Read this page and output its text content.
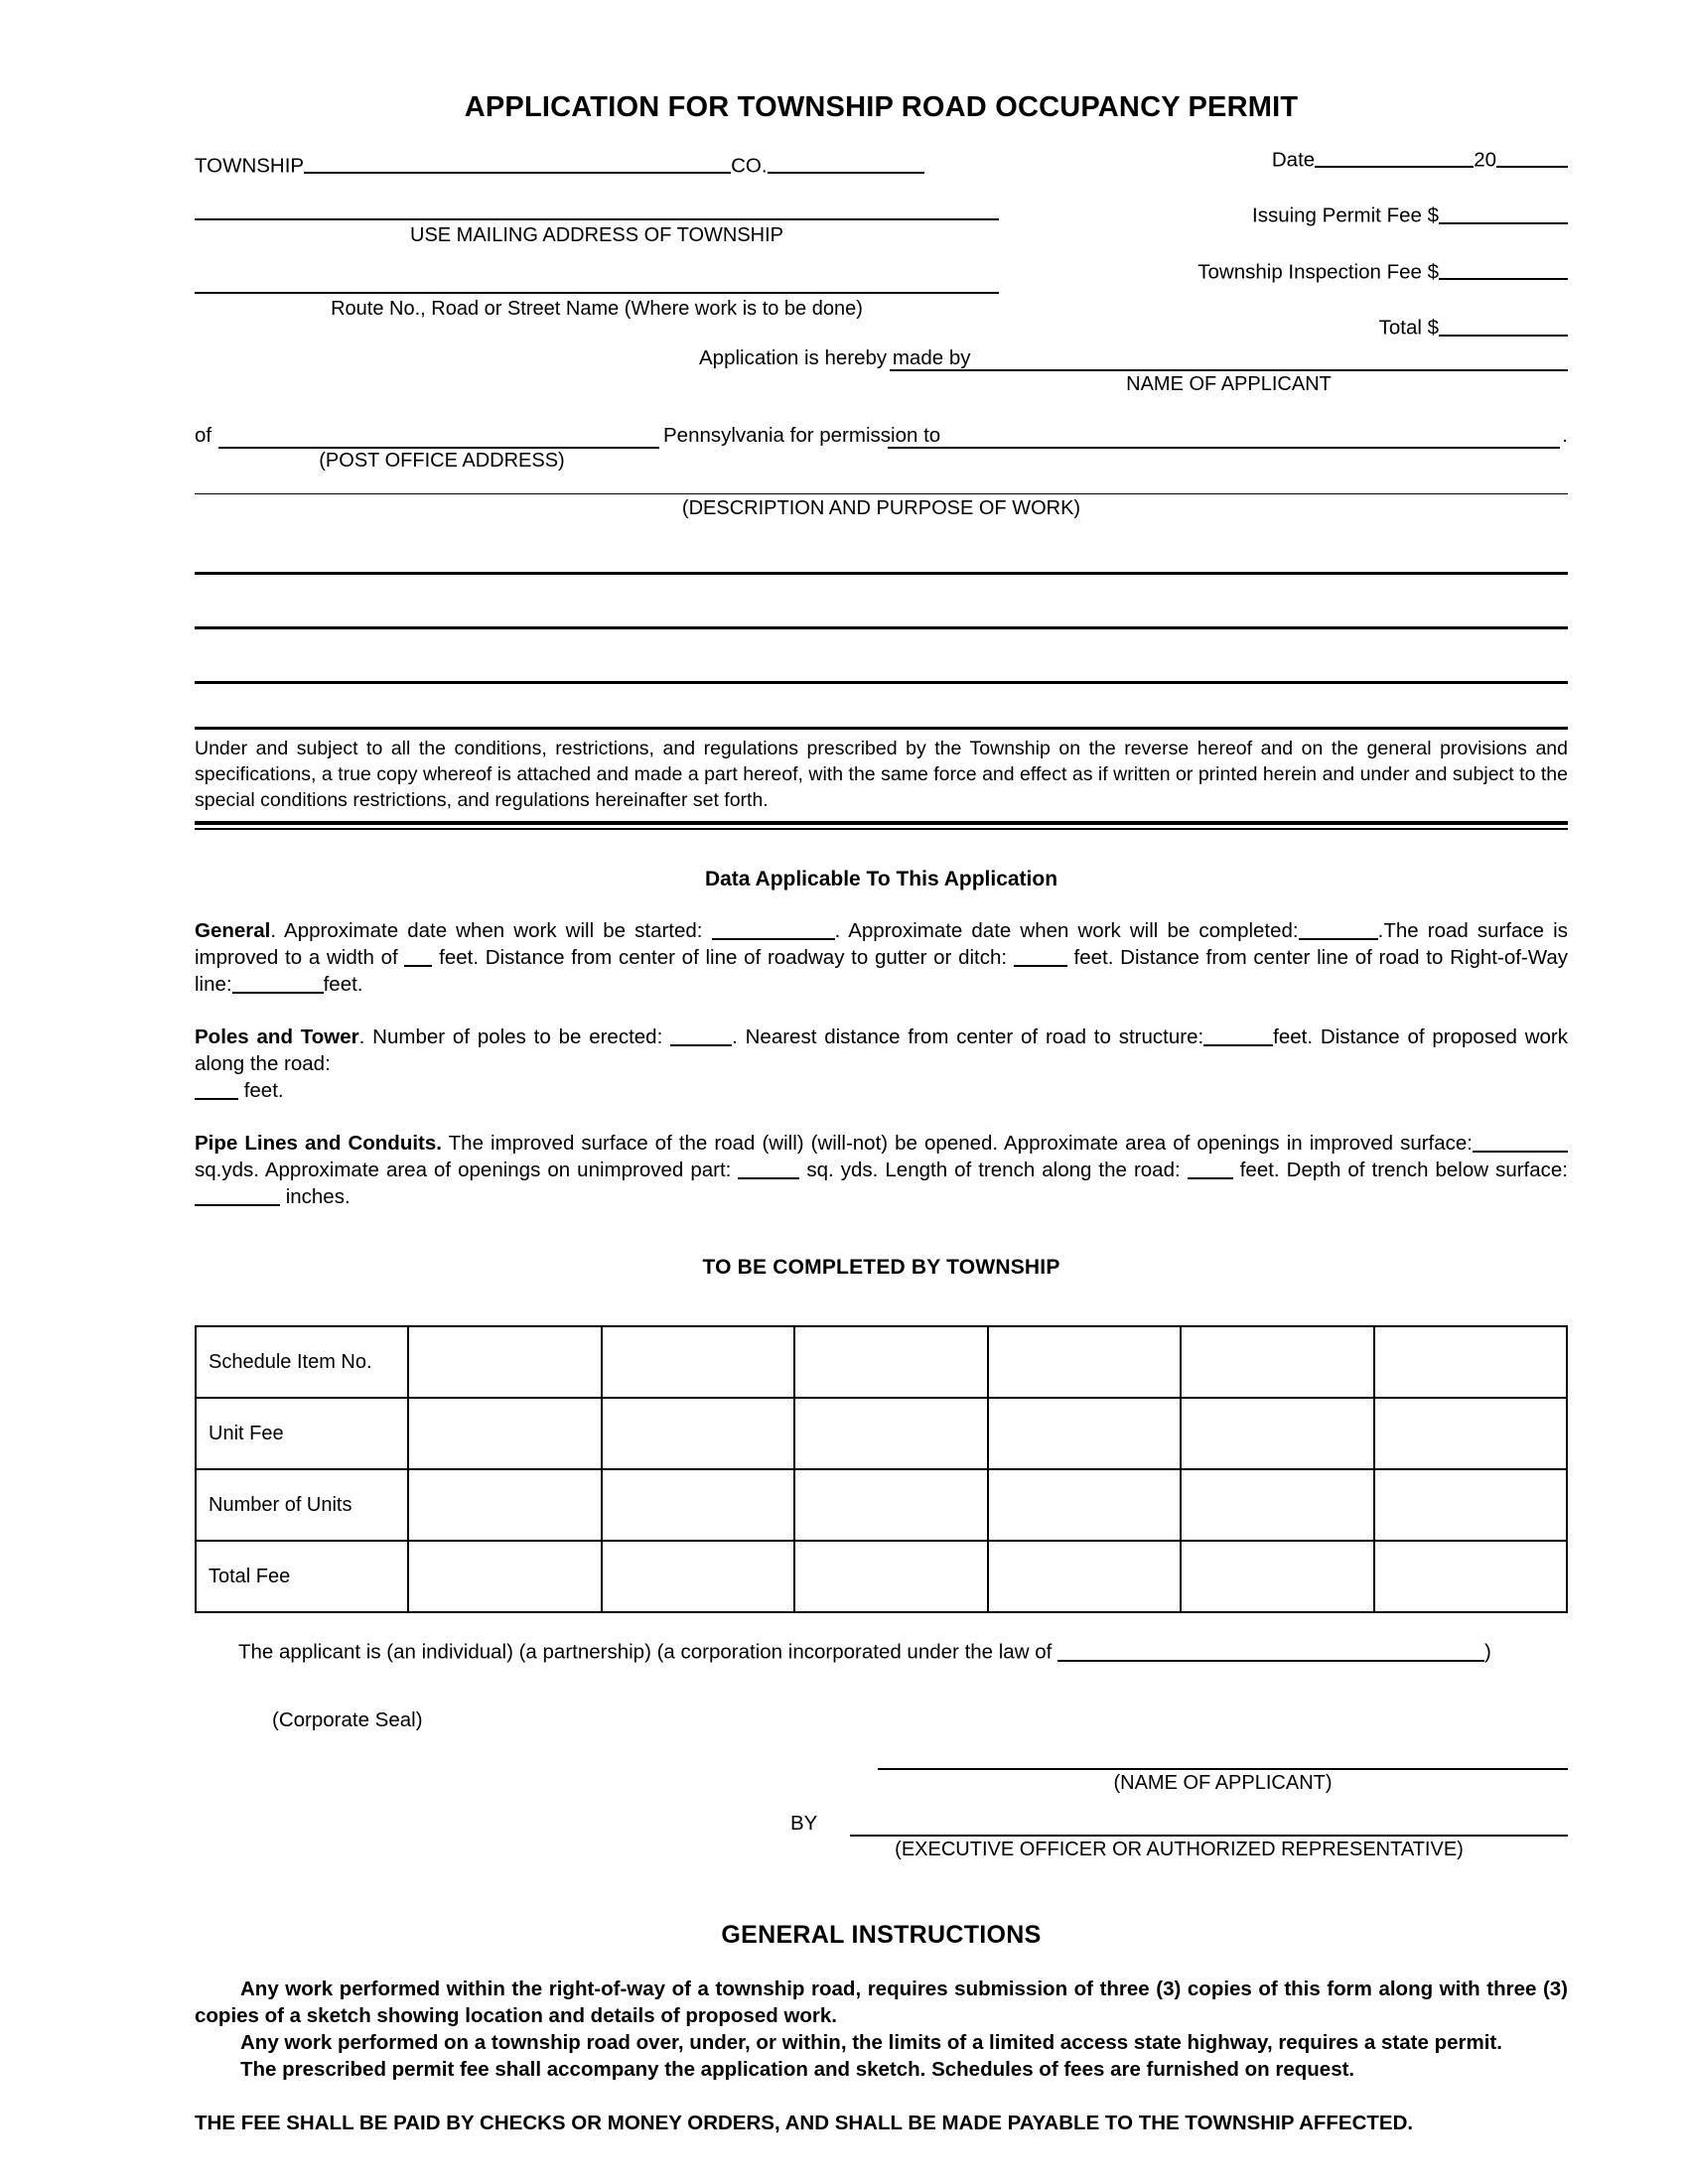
APPLICATION FOR TOWNSHIP ROAD OCCUPANCY PERMIT
TOWNSHIP	CO.
USE MAILING ADDRESS OF TOWNSHIP
Route No., Road or Street Name (Where work is to be done)
Date	20
Issuing Permit Fee $
Township Inspection Fee $
Total $
Application is hereby made by
NAME OF APPLICANT
of
(POST OFFICE ADDRESS)
Pennsylvania for permission to	.
(DESCRIPTION AND PURPOSE OF WORK)
Under and subject to all the conditions, restrictions, and regulations prescribed by the Township on the reverse hereof and on the general provisions and specifications, a true copy whereof is attached and made a part hereof, with the same force and effect as if written or printed herein and under and subject to the special conditions restrictions, and regulations hereinafter set forth.
Data Applicable To This Application
General. Approximate date when work will be started:	. Approximate date when work will be completed:	.The road surface is improved to a width of  feet. Distance from center of line of roadway to gutter or ditch:	feet. Distance from center line of road to Right-of-Way line:	feet.
Poles and Tower. Number of poles to be erected:	. Nearest distance from center of road to structure:	feet. Distance of proposed work along the road:
feet.
Pipe Lines and Conduits. The improved surface of the road (will) (will-not) be opened. Approximate area of openings in improved surface: sq.yds. Approximate area of openings on unimproved part:	sq. yds. Length of trench along the road:  feet. Depth of trench below surface: inches.
TO BE COMPLETED BY TOWNSHIP
Schedule Item No.						
Unit Fee						
Number of Units						
Total Fee						
The applicant is (an individual) (a partnership) (a corporation incorporated under the law of	)
(Corporate Seal)
(NAME OF APPLICANT)
BY
(EXECUTIVE OFFICER OR AUTHORIZED REPRESENTATIVE)
GENERAL INSTRUCTIONS

Any work performed within the right-of-way of a township road, requires submission of three (3) copies of this form along with three (3) copies of a sketch showing location and details of proposed work.

Any work performed on a township road over, under, or within, the limits of a limited access state highway, requires a state permit.

The prescribed permit fee shall accompany the application and sketch. Schedules of fees are furnished on request.

THE FEE SHALL BE PAID BY CHECKS OR MONEY ORDERS, AND SHALL BE MADE PAYABLE TO THE TOWNSHIP AFFECTED.
